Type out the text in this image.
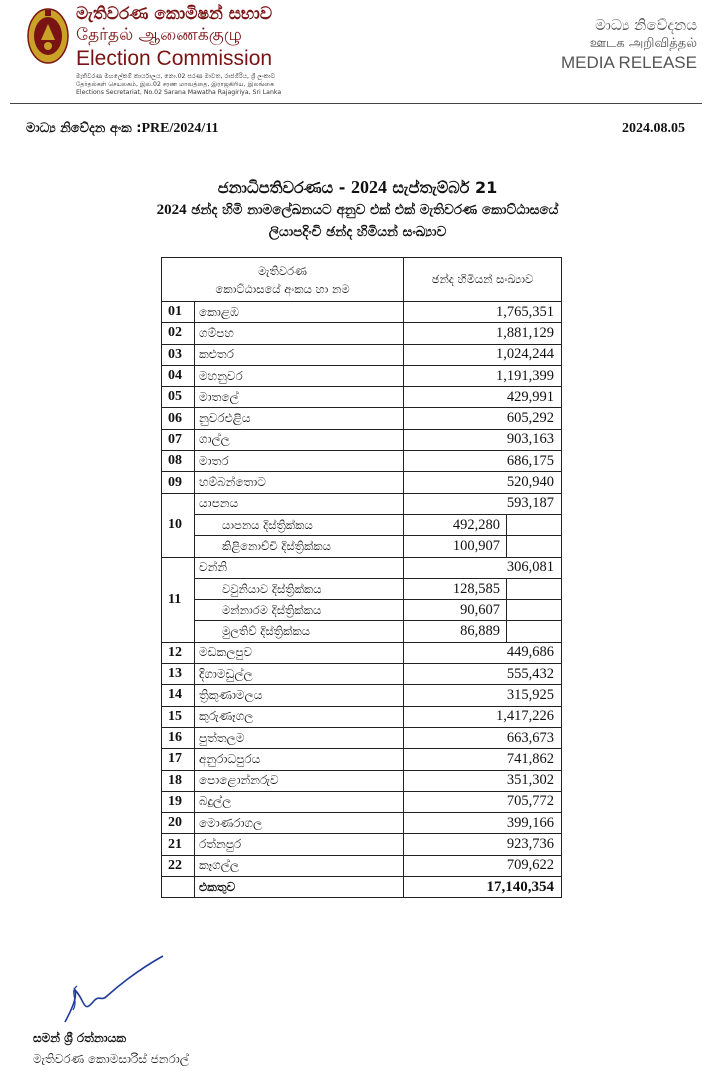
මැතිවරණ කොමිෂන් සභාව
தேர்தல் ஆணைக்குழு
Election Commission
මැතිවරණ මහලේකම් කාර්යාලය, නො.02 සරණ මාවත, රාජගිරිය, ශ්‍රී ලංකාව
தேர்தல்கள் செயலகம், இல.02 சரண மாவத்தை, இராஜகிரிய, இலங்கை
Elections Secretariat, No.02 Sarana Mawatha Rajagiriya, Sri Lanka
මාධ්‍ය නිවේදනය
ஊடக அறிவித்தல்
MEDIA RELEASE
මාධ්‍ය නිවේදන අංක :PRE/2024/11	2024.08.05
ජනාධිපතිවරණය - 2024 සැප්තැම්බර් 21
2024 ඡන්ද හිමි නාමලේඛනයට අනුව එක් එක් මැතිවරණ කොට්ඨාසයේ
ලියාපදිංචි ඡන්ද හිමියන් සංඛ්‍යාව
මැතිවරණ
කොට්ඨාසයේ අංකය හා නම		ඡන්ද හිමියන් සංඛ්‍යාව	
01	කොළඹ	1,765,351	
02	ගම්පහ	1,881,129	
03	කළුතර	1,024,244	
04	මහනුවර	1,191,399	
05	මාතලේ	429,991	
06	නුවරඑළිය	605,292	
07	ගාල්ල	903,163	
08	මාතර	686,175	
09	හම්බන්තොට	520,940	
10	යාපනය	593,187	
	යාපනය දිස්ත්‍රික්කය	492,280	
	කිළිනොච්චි දිස්ත්‍රික්කය	100,907	
11	වන්නි	306,081	
	වවුනියාව දිස්ත්‍රික්කය	128,585	
	මන්නාරම දිස්ත්‍රික්කය	90,607	
	මුලතිව් දිස්ත්‍රික්කය	86,889	
12	මඩකලපුව	449,686	
13	දිගාමඩුල්ල	555,432	
14	ත්‍රිකුණාමලය	315,925	
15	කුරුණෑගල	1,417,226	
16	පුත්තලම	663,673	
17	අනුරාධපුරය	741,862	
18	පොළොන්නරුව	351,302	
19	බදුල්ල	705,772	
20	මොණරාගල	399,166	
21	රත්නපුර	923,736	
22	කෑගල්ල	709,622	
	එකතුව	17,140,354	
සමන් ශ්‍රී රත්නායක
මැතිවරණ කොමසාරිස් ජනරාල්
